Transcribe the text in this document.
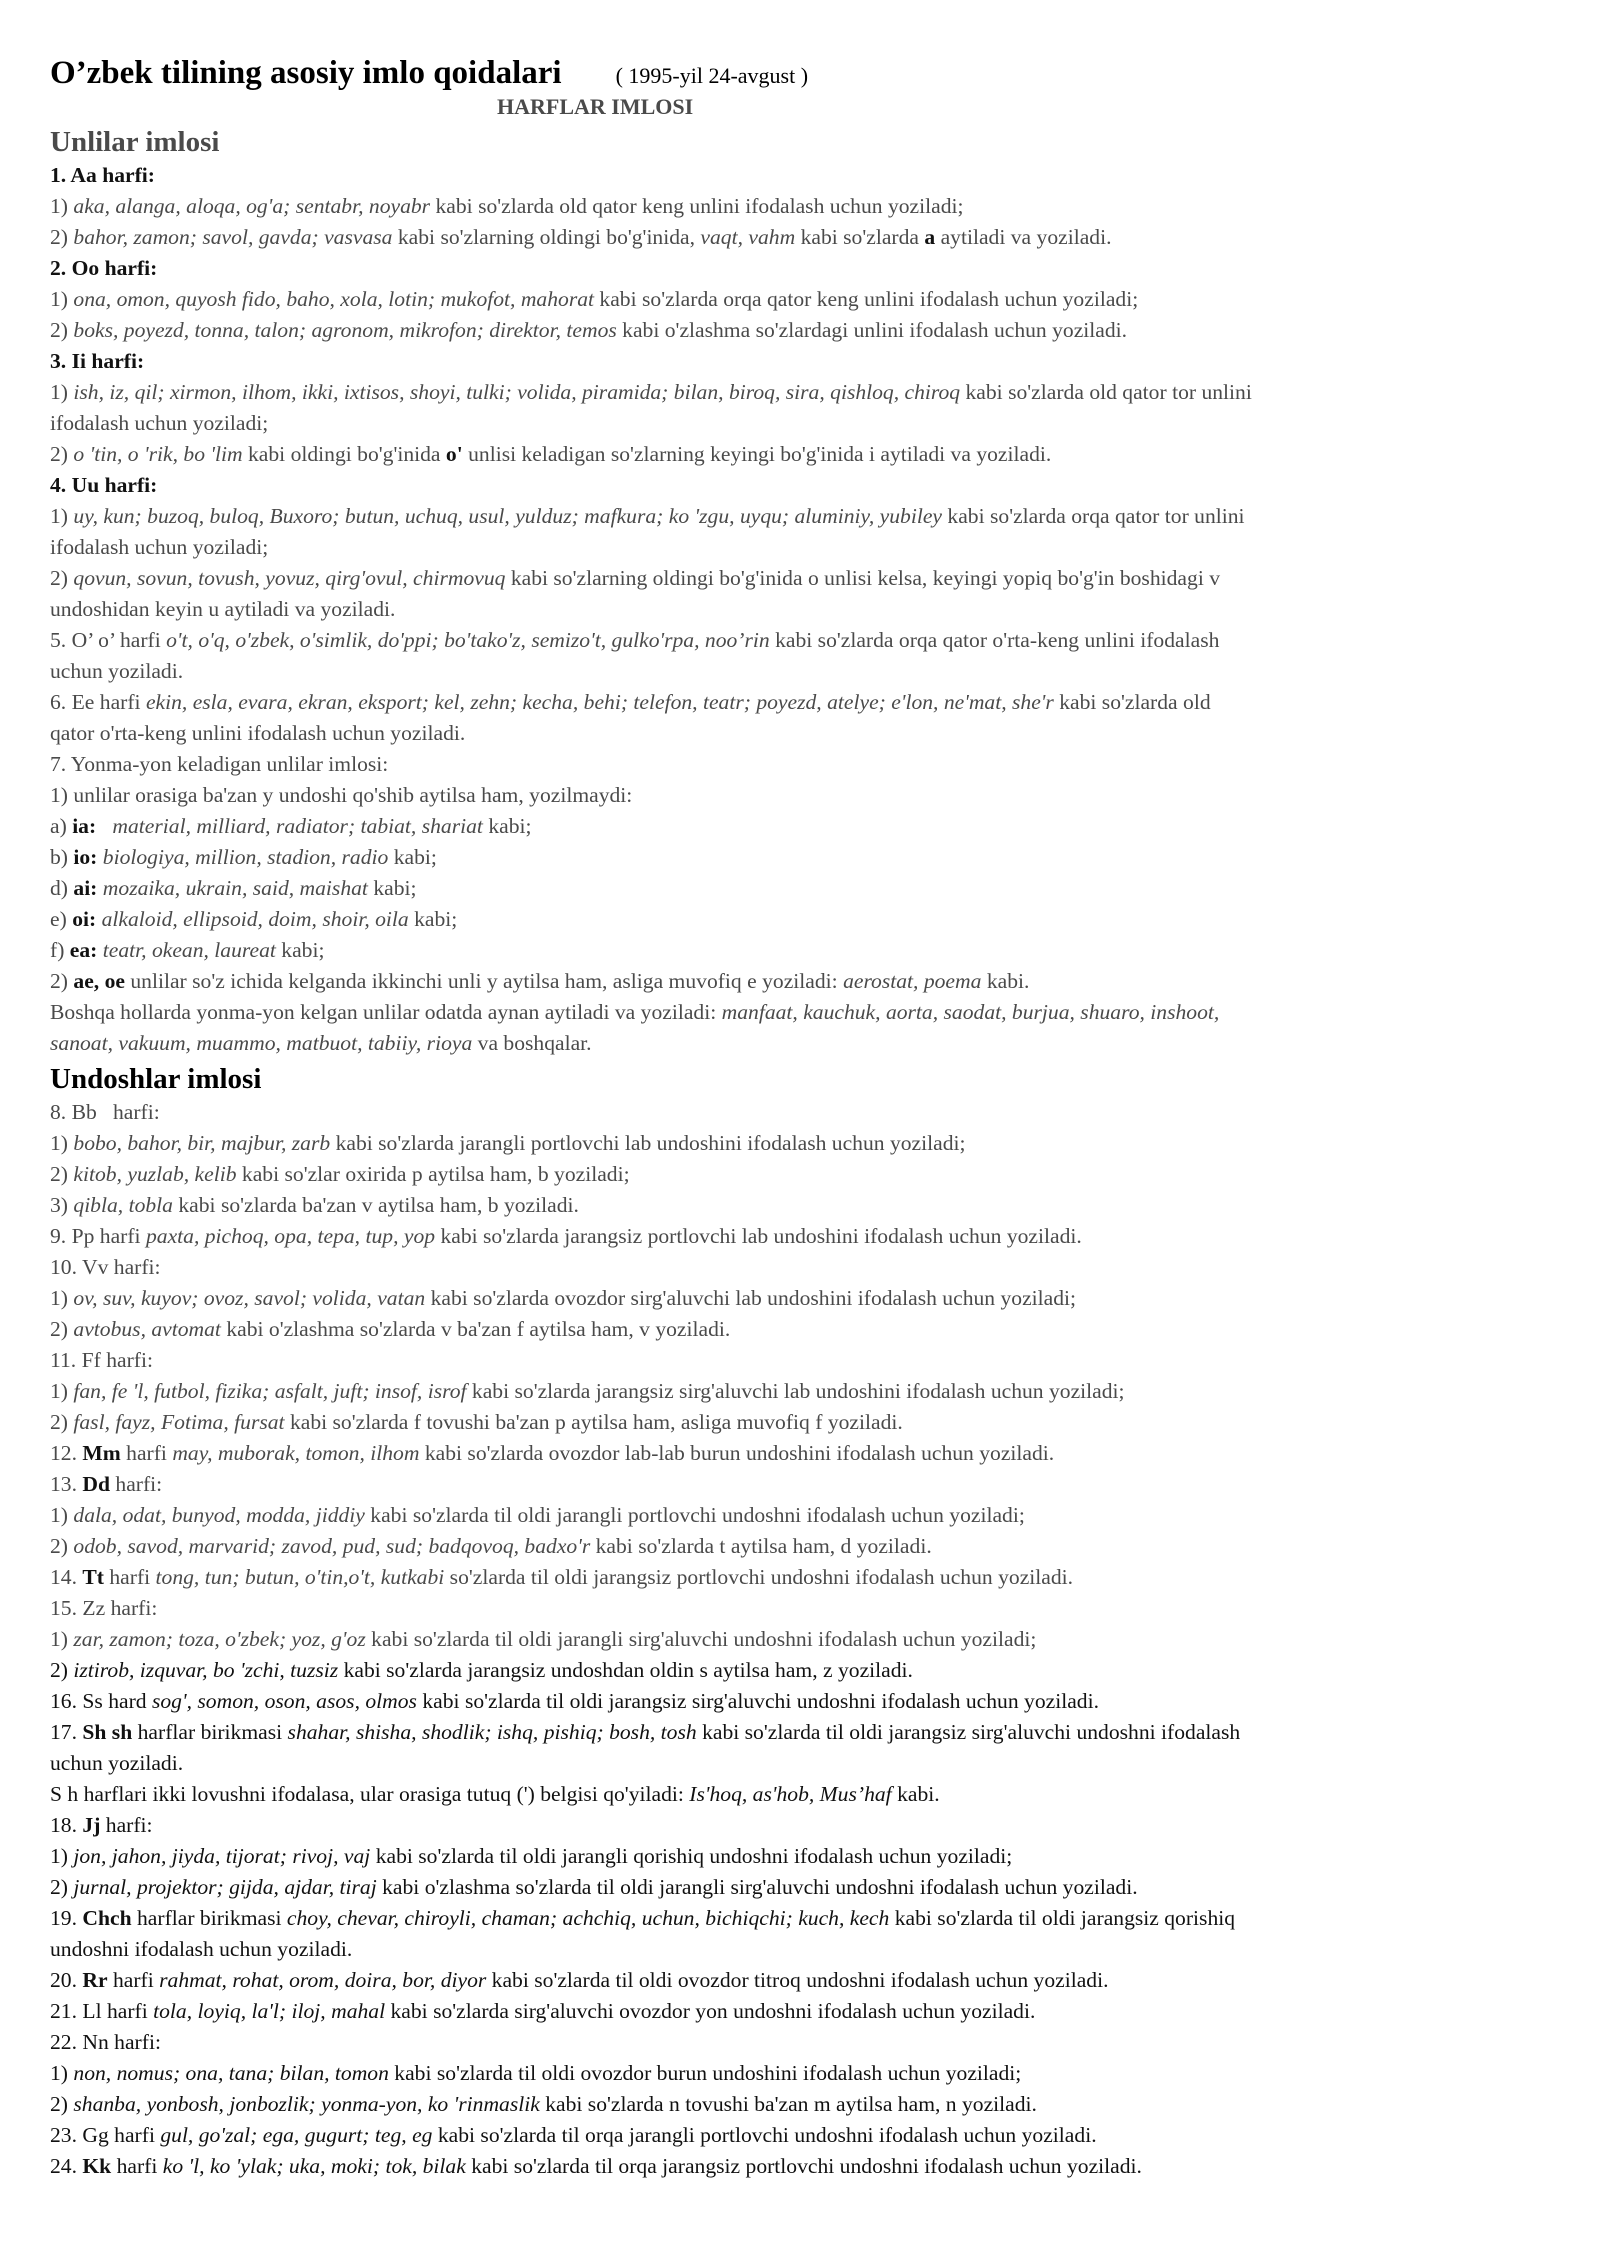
O’zbek tilining asosiy imlo qoidalari ( 1995-yil 24-avgust )
HARFLAR IMLOSI
Unlilar imlosi
1. Aa harfi:
1) aka, alanga, aloqa, og'a; sentabr, noyabr kabi so'zlarda old qator keng unlini ifodalash uchun yoziladi;
2) bahor, zamon; savol, gavda; vasvasa kabi so'zlarning oldingi bo'g'inida, vaqt, vahm kabi so'zlarda a aytiladi va yoziladi.
2. Oo harfi:
1) ona, omon, quyosh fido, baho, xola, lotin; mukofot, mahorat kabi so'zlarda orqa qator keng unlini ifodalash uchun yoziladi;
2) boks, poyezd, tonna, talon; agronom, mikrofon; direktor, temos kabi o'zlashma so'zlardagi unlini ifodalash uchun yoziladi.
3. Ii harfi:
1) ish, iz, qil; xirmon, ilhom, ikki, ixtisos, shoyi, tulki; volida, piramida; bilan, biroq, sira, qishloq, chiroq kabi so'zlarda old qator tor unlini
ifodalash uchun yoziladi;
2) o 'tin, o 'rik, bo 'lim kabi oldingi bo'g'inida o' unlisi keladigan so'zlarning keyingi bo'g'inida i aytiladi va yoziladi.
4. Uu harfi:
1) uy, kun; buzoq, buloq, Buxoro; butun, uchuq, usul, yulduz; mafkura; ko 'zgu, uyqu; aluminiy, yubiley kabi so'zlarda orqa qator tor unlini
ifodalash uchun yoziladi;
2) qovun, sovun, tovush, yovuz, qirg'ovul, chirmovuq kabi so'zlarning oldingi bo'g'inida o unlisi kelsa, keyingi yopiq bo'g'in boshidagi v
undoshidan keyin u aytiladi va yoziladi.
5. O’ o’ harfi o't, o'q, o'zbek, o'simlik, do'ppi; bo'tako'z, semizo't, gulko'rpa, noo’rin kabi so'zlarda orqa qator o'rta-keng unlini ifodalash
uchun yoziladi.
6. Ee harfi ekin, eslа, evara, ekran, eksport; kel, zehn; kecha, behi; telefon, teatr; poyezd, atelye; e'lon, ne'mat, she'r kabi so'zlarda old
qator o'rta-keng unlini ifodalash uchun yoziladi.
7. Yonma-yon keladigan unlilar imlosi:
1) unlilar orasiga ba'zan y undoshi qo'shib aytilsa ham, yozilmaydi:
a) ia: material, milliard, radiator; tabiat, shariat kabi;
b) io: biologiya, million, stadion, radio kabi;
d) ai: mozaika, ukrain, said, maishat kabi;
e) oi: alkaloid, ellipsoid, doim, shoir, oila kabi;
f) ea: teatr, okean, laureat kabi;
2) ae, oe unlilar so'z ichida kelganda ikkinchi unli y aytilsa ham, asliga muvofiq e yoziladi: aerostat, poema kabi.
Boshqa hollarda yonma-yon kelgan unlilar odatda aynan aytiladi va yoziladi: manfaat, kauchuk, aorta, saodat, burjua, shuaro, inshoot,
sanoat, vakuum, muammo, matbuot, tabiiy, rioya va boshqalar.
Undoshlar imlosi
8. Bb   harfi:
1) bobo, bahor, bir, majbur, zarb kabi so'zlarda jarangli portlovchi lab undoshini ifodalash uchun yoziladi;
2) kitob, yuzlab, kelib kabi so'zlar oxirida p aytilsa ham, b yoziladi;
3) qibla, tobla kabi so'zlarda ba'zan v aytilsa ham, b yoziladi.
9. Pp harfi paxta, pichoq, opa, tepa, tup, yop kabi so'zlarda jarangsiz portlovchi lab undoshini ifodalash uchun yoziladi.
10. Vv harfi:
1) ov, suv, kuyov; ovoz, savol; volida, vatan kabi so'zlarda ovozdor sirg'aluvchi lab undoshini ifodalash uchun yoziladi;
2) avtobus, avtomat kabi o'zlashma so'zlarda v ba'zan f aytilsa ham, v yoziladi.
11. Ff harfi:
1) fan, fe 'l, futbol, fizika; asfalt, juft; insof, isrof kabi so'zlarda jarangsiz sirg'aluvchi lab undoshini ifodalash uchun yoziladi;
2) fasl, fayz, Fotima, fursat kabi so'zlarda f tovushi ba'zan p aytilsa ham, asliga muvofiq f yoziladi.
12. Mm harfi may, muborak, tomon, ilhom kabi so'zlarda ovozdor lab-lab burun undoshini ifodalash uchun yoziladi.
13. Dd harfi:
1) dala, odat, bunyod, modda, jiddiy kabi so'zlarda til oldi jarangli portlovchi undoshni ifodalash uchun yoziladi;
2) odob, savod, marvarid; zavod, pud, sud; badqovoq, badxo'r kabi so'zlarda t aytilsa ham, d yoziladi.
14. Tt harfi tong, tun; butun, o'tin,o't, kutkabi so'zlarda til oldi jarangsiz portlovchi undoshni ifodalash uchun yoziladi.
15. Zz harfi:
1) zar, zamon; toza, o'zbek; yoz, g'oz kabi so'zlarda til oldi jarangli sirg'aluvchi undoshni ifodalash uchun yoziladi;
2) iztirob, izquvar, bo 'zchi, tuzsiz kabi so'zlarda jarangsiz undoshdan oldin s aytilsa ham, z yoziladi.
16. Ss hard sog', somon, oson, asos, olmos kabi so'zlarda til oldi jarangsiz sirg'aluvchi undoshni ifodalash uchun yoziladi.
17. Sh sh harflar birikmasi shahar, shisha, shodlik; ishq, pishiq; bosh, tosh kabi so'zlarda til oldi jarangsiz sirg'aluvchi undoshni ifodalash
uchun yoziladi.
S h harflari ikki lovushni ifodalasa, ular orasiga tutuq (') belgisi qo'yiladi: Is'hoq, as'hob, Mus’haf kabi.
18. Jj harfi:
1) jon, jahon, jiyda, tijorat; rivoj, vaj kabi so'zlarda til oldi jarangli qorishiq undoshni ifodalash uchun yoziladi;
2) jurnal, projektor; gijda, ajdar, tiraj kabi o'zlashma so'zlarda til oldi jarangli sirg'aluvchi undoshni ifodalash uchun yoziladi.
19. Chch harflar birikmasi choy, chevar, chiroyli, chaman; achchiq, uchun, bichiqchi; kuch, kech kabi so'zlarda til oldi jarangsiz qorishiq
undoshni ifodalash uchun yoziladi.
20. Rr harfi rahmat, rohat, orom, doira, bor, diyor kabi so'zlarda til oldi ovozdor titroq undoshni ifodalash uchun yoziladi.
21. Ll harfi tola, loyiq, la'l; iloj, mahal kabi so'zlarda sirg'aluvchi ovozdor yon undoshni ifodalash uchun yoziladi.
22. Nn harfi:
1) non, nomus; ona, tana; bilan, tomon kabi so'zlarda til oldi ovozdor burun undoshini ifodalash uchun yoziladi;
2) shanba, yonbosh, jonbozlik; yonma-yon, ko 'rinmaslik kabi so'zlarda n tovushi ba'zan m aytilsa ham, n yoziladi.
23. Gg harfi gul, go'zal; ega, gugurt; teg, eg kabi so'zlarda til orqa jarangli portlovchi undoshni ifodalash uchun yoziladi.
24. Kk harfi ko 'l, ko 'ylak; uka, moki; tok, bilak kabi so'zlarda til orqa jarangsiz portlovchi undoshni ifodalash uchun yoziladi.
